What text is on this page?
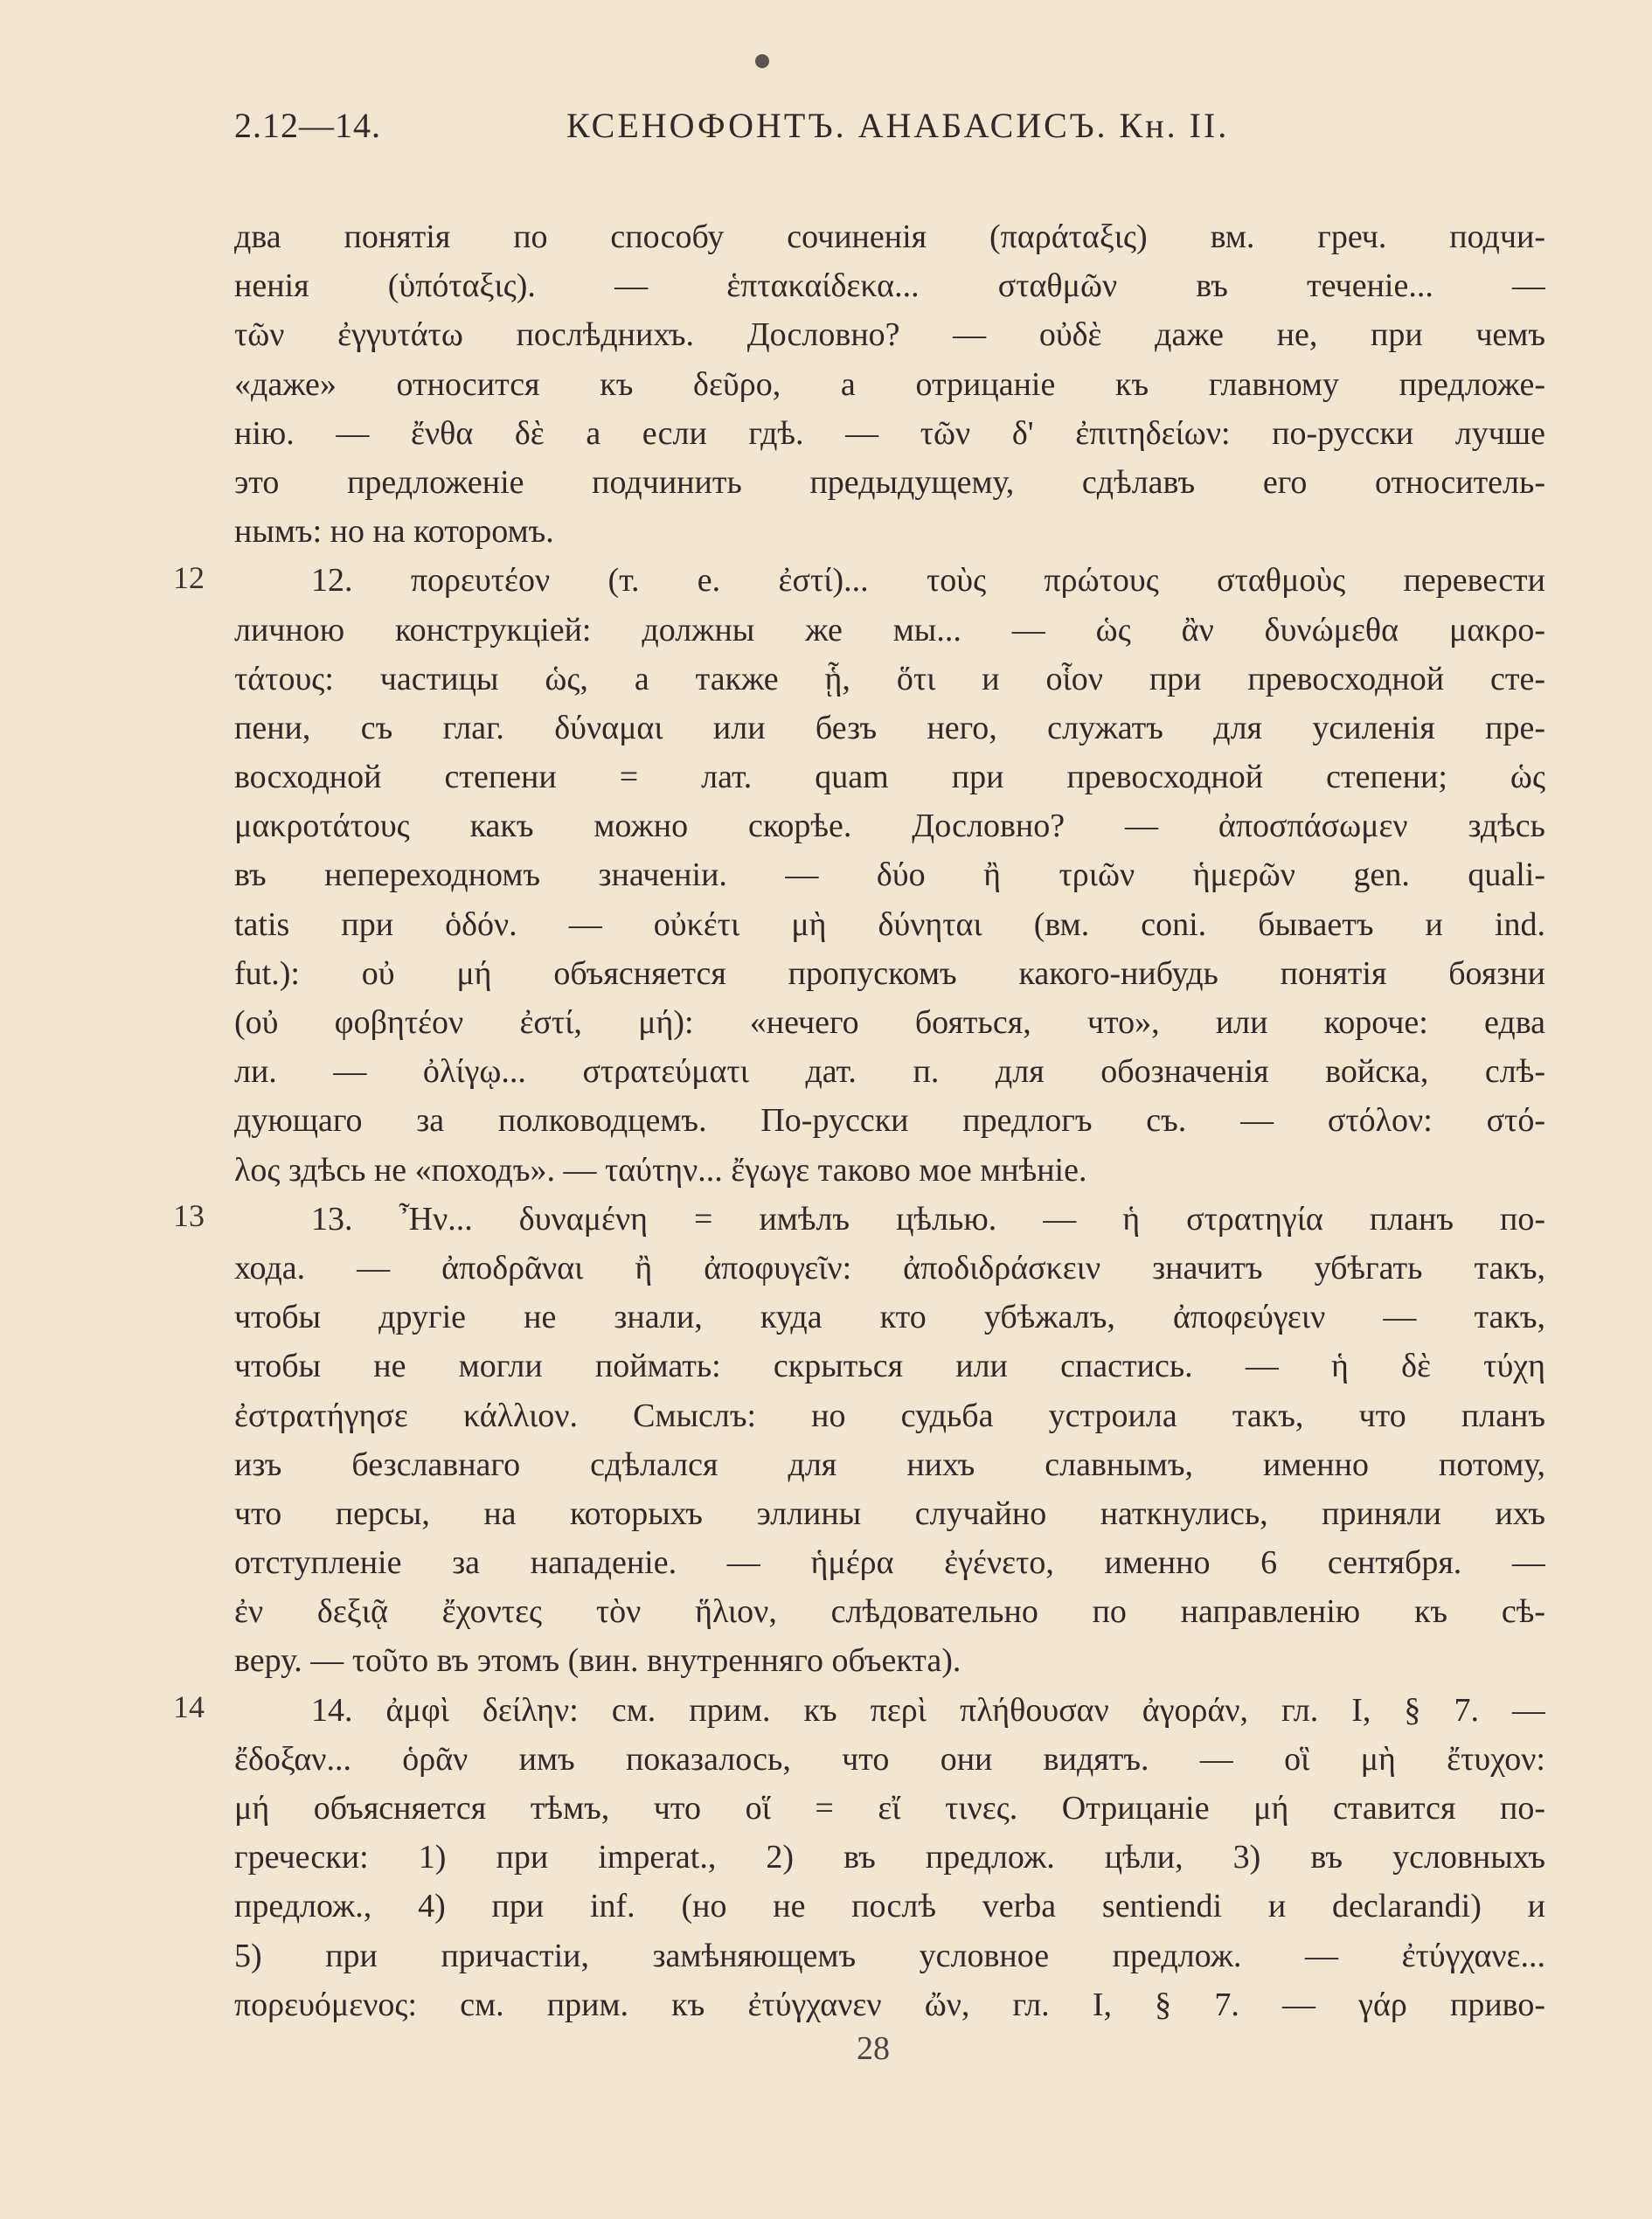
2.12—14.	КСЕНОФОНТЪ. АНАБАСИСЪ. Кн. II.
12
13
14
два понятія по способу сочиненія (παράταξις) вм. греч. подчи-
ненія (ὑπόταξις). — ἑπτακαίδεκα... σταθμῶν въ теченіе... —
τῶν ἐγγυτάτω послѣднихъ. Дословно? — οὐδὲ даже не, при чемъ
«даже» относится къ δεῦρο, а отрицаніе къ главному предложе-
нію. — ἔνθα δὲ а если гдѣ. — τῶν δ' ἐπιτηδείων: по-русски лучше
это предложеніе подчинить предыдущему, сдѣлавъ его относитель-
нымъ: но на которомъ.
12. πορευτέον (т. е. ἐστί)... τοὺς πρώτους σταθμοὺς перевести
личною конструкціей: должны же мы... — ὡς ἂν δυνώμεθα μακρο-
τάτους: частицы ὡς, а также ᾗ, ὅτι и οἷον при превосходной сте-
пени, съ глаг. δύναμαι или безъ него, служатъ для усиленія пре-
восходной степени = лат. quam при превосходной степени; ὡς
μακροτάτους какъ можно скорѣе. Дословно? — ἀποσπάσωμεν здѣсь
въ непереходномъ значеніи. — δύο ἢ τριῶν ἡμερῶν gen. quali-
tatis при ὁδόν. — οὐκέτι μὴ δύνηται (вм. coni. бываетъ и ind.
fut.): οὐ μή объясняется пропускомъ какого-нибудь понятія боязни
(οὐ φοβητέον ἐστί, μή): «нечего бояться, что», или короче: едва
ли. — ὀλίγῳ... στρατεύματι дат. п. для обозначенія войска, слѣ-
дующаго за полководцемъ. По-русски предлогъ съ. — στόλον: στό-
λος здѣсь не «походъ». — ταύτην... ἔγωγε таково мое мнѣніе.
13. Ἦν... δυναμένη = имѣлъ цѣлью. — ἡ στρατηγία планъ по-
хода. — ἀποδρᾶναι ἢ ἀποφυγεῖν: ἀποδιδράσκειν значитъ убѣгать такъ,
чтобы другіе не знали, куда кто убѣжалъ, ἀποφεύγειν — такъ,
чтобы не могли поймать: скрыться или спастись. — ἡ δὲ τύχη
ἐστρατήγησε κάλλιον. Смыслъ: но судьба устроила такъ, что планъ
изъ безславнаго сдѣлался для нихъ славнымъ, именно потому,
что персы, на которыхъ эллины случайно наткнулись, приняли ихъ
отступленіе за нападеніе. — ἡμέρα ἐγένετο, именно 6 сентября. —
ἐν δεξιᾷ ἔχοντες τὸν ἥλιον, слѣдовательно по направленію къ сѣ-
веру. — τοῦτο въ этомъ (вин. внутренняго объекта).
14. ἀμφὶ δείλην: см. прим. къ περὶ πλήθουσαν ἀγοράν, гл. I, § 7. —
ἔδοξαν... ὁρᾶν имъ показалось, что они видятъ. — οἳ μὴ ἔτυχον:
μή объясняется тѣмъ, что οἵ = εἴ τινες. Отрицаніе μή ставится по-
гречески: 1) при imperat., 2) въ предлож. цѣли, 3) въ условныхъ
предлож., 4) при inf. (но не послѣ verba sentiendi и declarandi) и
5) при причастіи, замѣняющемъ условное предлож. — ἐτύγχανε...
πορευόμενος: см. прим. къ ἐτύγχανεν ὤν, гл. I, § 7. — γάρ приво-
28
